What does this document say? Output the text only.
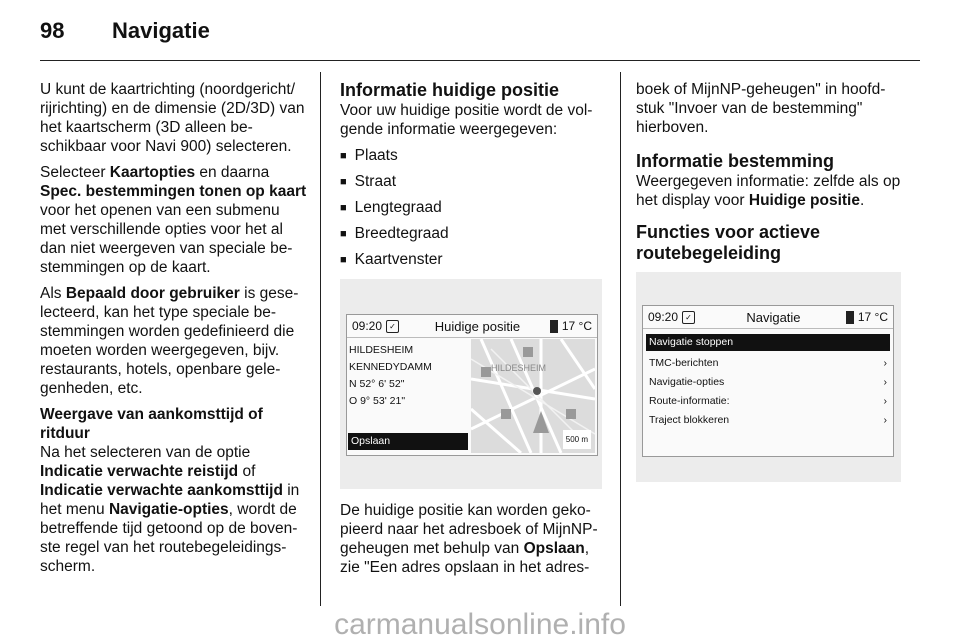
98 Navigatie

U kunt de kaartrichting (noordgericht/ rijrichting) en de dimensie (2D/3D) van het kaartscherm (3D alleen be- schikbaar voor Navi 900) selecteren.

Selecteer Kaartopties en daarna Spec. bestemmingen tonen op kaart voor het openen van een submenu met verschillende opties voor het al dan niet weergeven van speciale be- stemmingen op de kaart.

Als Bepaald door gebruiker is gese- lecteerd, kan het type speciale be- stemmingen worden gedefinieerd die moeten worden weergegeven, bijv. restaurants, hotels, openbare gele- genheden, etc.

Weergave van aankomsttijd of ritduur

Na het selecteren van de optie Indicatie verwachte reistijd of Indicatie verwachte aankomsttijd in het menu Navigatie-opties, wordt de betreffende tijd getoond op de boven- ste regel van het routebegeleidings- scherm.

Informatie huidige positie

Voor uw huidige positie wordt de vol- gende informatie weergegeven:

■ Plaats
■ Straat
■ Lengtegraad
■ Breedtegraad
■ Kaartvenster
09:20 ✓	Huidige positie	17 °C
HILDESHEIM
KENNEDYDAMM
N 52° 6' 52"
O 9° 53' 21"
Opslaan
HILDESHEIM
500 m

De huidige positie kan worden geko- pieerd naar het adresboek of MijnNP- geheugen met behulp van Opslaan, zie "Een adres opslaan in het adres-

boek of MijnNP-geheugen" in hoofd- stuk "Invoer van de bestemming" hierboven.

Informatie bestemming

Weergegeven informatie: zelfde als op het display voor Huidige positie.

Functies voor actieve routebegeleiding
09:20 ✓	Navigatie	17 °C
Navigatie stoppen
TMC-berichten	›
Navigatie-opties	›
Route-informatie:	›
Traject blokkeren	›
carmanualsonline.info
